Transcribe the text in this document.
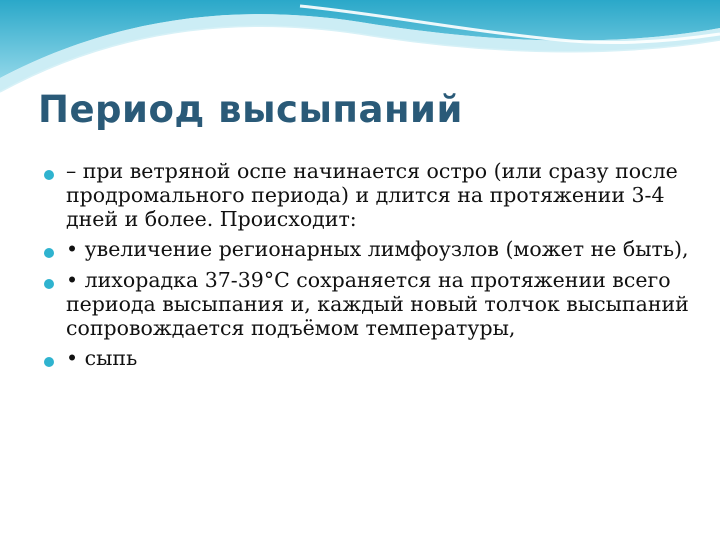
Период высыпаний
– при ветряной оспе начинается остро (или сразу после продромального периода) и длится на протяжении 3-4 дней и более. Происходит:
• увеличение регионарных лимфоузлов (может не быть),
• лихорадка 37-39°С сохраняется на протяжении всего периода высыпания и, каждый новый толчок высыпаний сопровождается подъёмом температуры,
• сыпь
